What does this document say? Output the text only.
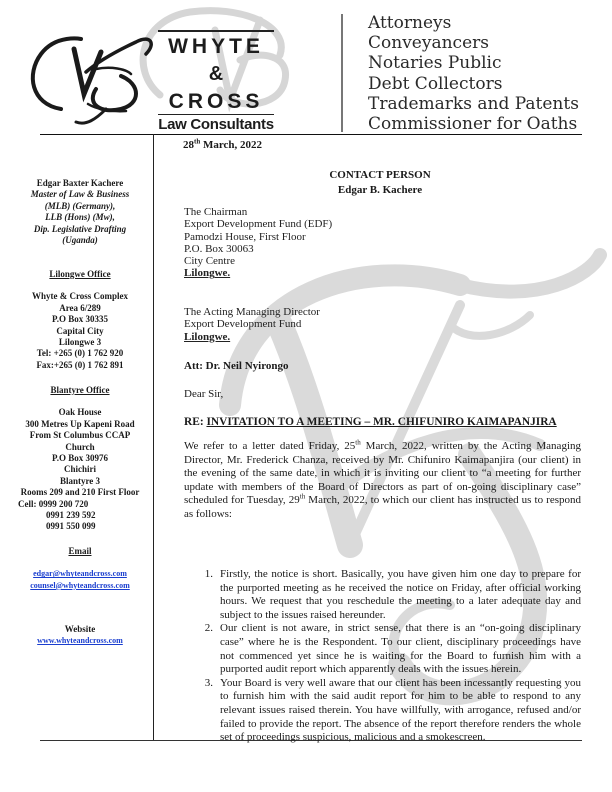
WHYTE
&
CROSS
Law Consultants
Attorneys
Conveyancers
Notaries Public
Debt Collectors
Trademarks and Patents
Commissioner for Oaths
Edgar Baxter Kachere
Master of Law & Business
(MLB) (Germany),
LLB (Hons) (Mw),
Dip. Legislative Drafting
(Uganda)
Lilongwe Office
Whyte & Cross Complex
Area 6/289
P.O Box 30335
Capital City
Lilongwe 3
Tel: +265 (0) 1 762 920
Fax:+265 (0) 1 762 891
Blantyre Office
Oak House
300 Metres Up Kapeni Road
From St Columbus CCAP
Church
P.O Box 30976
Chichiri
Blantyre 3
Rooms 209 and 210 First Floor
Cell: 0999 200 720
0991 239 592
0991 550 099
Email
edgar@whyteandcross.com
counsel@whyteandcross.com
Website
www.whyteandcross.com
28th March, 2022
CONTACT PERSON
Edgar B. Kachere
The Chairman
Export Development Fund (EDF)
Pamodzi House, First Floor
P.O. Box 30063
City Centre
Lilongwe.
The Acting Managing Director
Export Development Fund
Lilongwe.
Att: Dr. Neil Nyirongo
Dear Sir,
RE: INVITATION TO A MEETING – MR. CHIFUNIRO KAIMAPANJIRA
We refer to a letter dated Friday, 25th March, 2022, written by the Acting Managing Director, Mr. Frederick Chanza, received by Mr. Chifuniro Kaimapanjira (our client) in the evening of the same date, in which it is inviting our client to “a meeting for further update with members of the Board of Directors as part of on-going disciplinary case” scheduled for Tuesday, 29th March, 2022, to which our client has instructed us to respond as follows:
1. Firstly, the notice is short. Basically, you have given him one day to prepare for the purported meeting as he received the notice on Friday, after official working hours. We request that you reschedule the meeting to a later adequate day and subject to the issues raised hereunder.
2. Our client is not aware, in strict sense, that there is an “on-going disciplinary case” where he is the Respondent. To our client, disciplinary proceedings have not commenced yet since he is waiting for the Board to furnish him with a purported audit report which apparently deals with the issues herein.
3. Your Board is very well aware that our client has been incessantly requesting you to furnish him with the said audit report for him to be able to respond to any relevant issues raised therein. You have willfully, with arrogance, refused and/or failed to provide the report. The absence of the report therefore renders the whole set of proceedings suspicious, malicious and a smokescreen.
